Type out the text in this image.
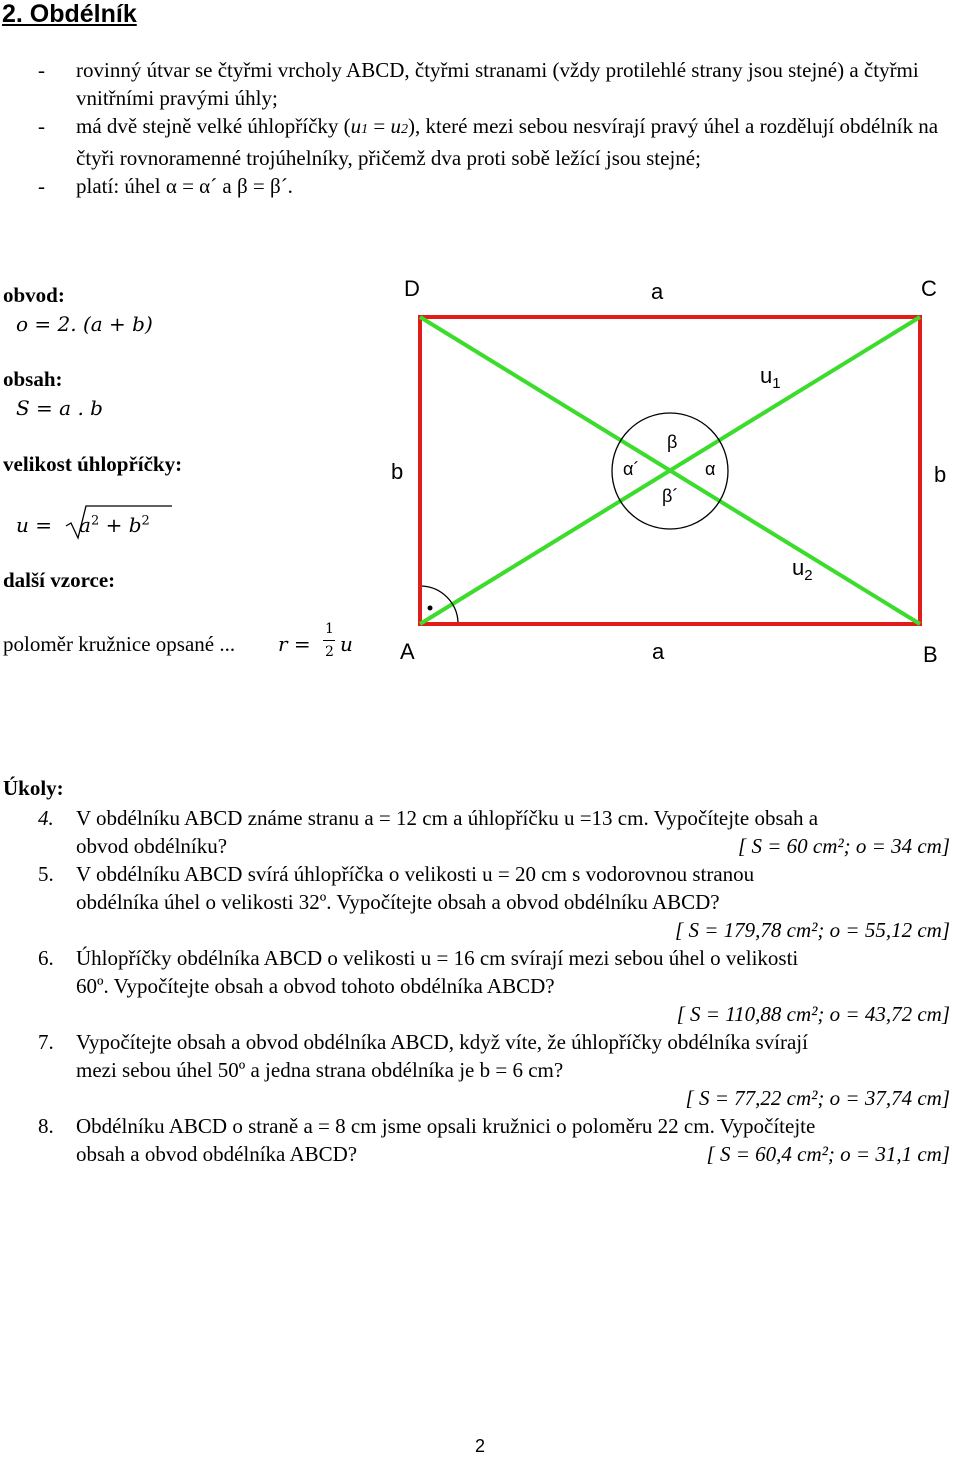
2. Obdélník
- rovinný útvar se čtyřmi vrcholy ABCD, čtyřmi stranami (vždy protilehlé strany jsou stejné) a čtyřmi vnitřními pravými úhly;
- má dvě stejně velké úhlopříčky (u1 = u2), které mezi sebou nesvírají pravý úhel a rozdělují obdélník na čtyři rovnoramenné trojúhelníky, přičemž dva proti sobě ležící jsou stejné;
- platí: úhel α = α´ a β = β´.
obvod:
o = 2. (a + b)
obsah:
S = a . b
velikost úhlopříčky:
$u = a^2 + b^2$
další vzorce:
poloměr kružnice opsané ... r =
1
2 u
D	C
A	B
a
a
b	b
$u_1$
$u_2$
β
β´
α
α´
Úkoly:
4. V obdélníku ABCD známe stranu a = 12 cm a úhlopříčku u =13 cm. Vypočítejte obsah a
obvod obdélníku?	[ S = 60 cm²; o = 34 cm]
5. V obdélníku ABCD svírá úhlopříčka o velikosti u = 20 cm s vodorovnou stranou
obdélníka úhel o velikosti 32º. Vypočítejte obsah a obvod obdélníku ABCD?
[ S = 179,78 cm²; o = 55,12 cm]
6. Úhlopříčky obdélníka ABCD o velikosti u = 16 cm svírají mezi sebou úhel o velikosti
60º. Vypočítejte obsah a obvod tohoto obdélníka ABCD?
[ S = 110,88 cm²; o = 43,72 cm]
7. Vypočítejte obsah a obvod obdélníka ABCD, když víte, že úhlopříčky obdélníka svírají
mezi sebou úhel 50º a jedna strana obdélníka je b = 6 cm?
[ S = 77,22 cm²; o = 37,74 cm]
8. Obdélníku ABCD o straně a = 8 cm jsme opsali kružnici o poloměru 22 cm. Vypočítejte
obsah a obvod obdélníka ABCD?	[ S = 60,4 cm²; o = 31,1 cm]
2
